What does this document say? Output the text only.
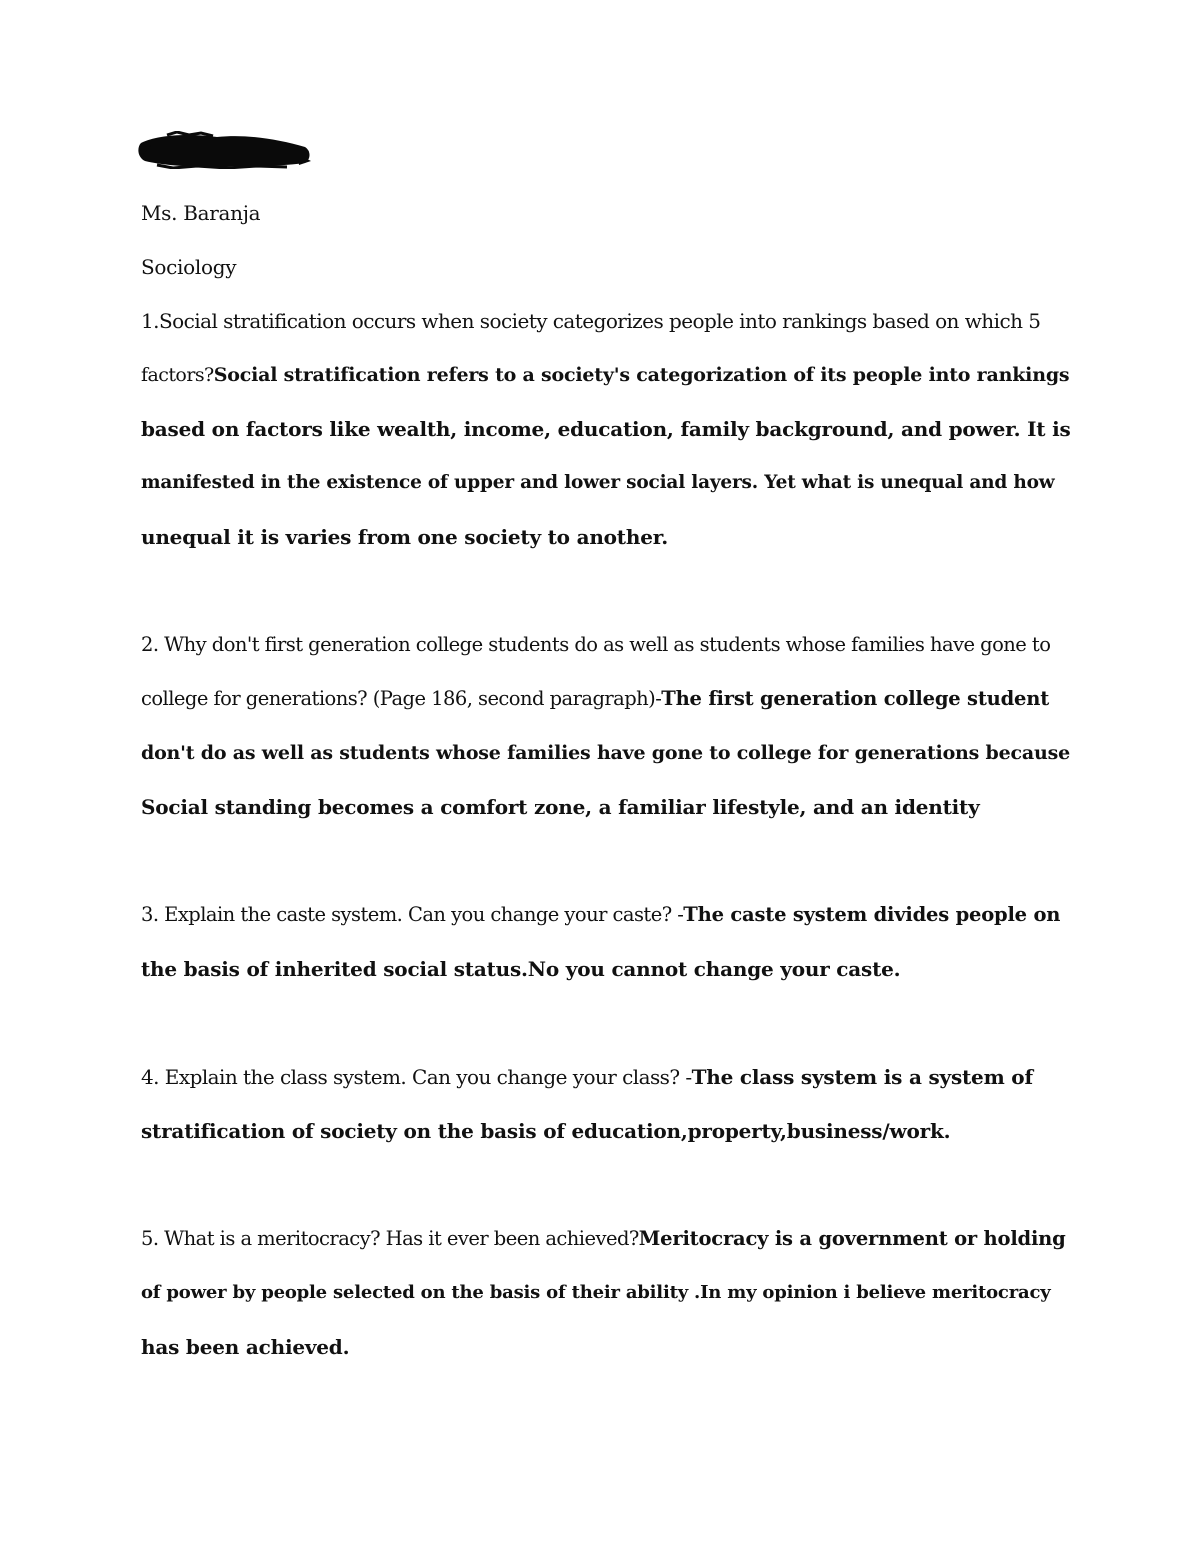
Ms. Baranja
Sociology
1.Social stratification occurs when society categorizes people into rankings based on which 5
factors?Social stratification refers to a society's categorization of its people into rankings
based on factors like wealth, income, education, family background, and power. It is
manifested in the existence of upper and lower social layers. Yet what is unequal and how
unequal it is varies from one society to another.
2. Why don't first generation college students do as well as students whose families have gone to
college for generations? (Page 186, second paragraph)-The first generation college student
don't do as well as students whose families have gone to college for generations because
Social standing becomes a comfort zone, a familiar lifestyle, and an identity
3. Explain the caste system. Can you change your caste? -The caste system divides people on
the basis of inherited social status.No you cannot change your caste.
4. Explain the class system. Can you change your class? -The class system is a system of
stratification of society on the basis of education,property,business/work.
5. What is a meritocracy? Has it ever been achieved?Meritocracy is a government or holding
of power by people selected on the basis of their ability .In my opinion i believe meritocracy
has been achieved.
